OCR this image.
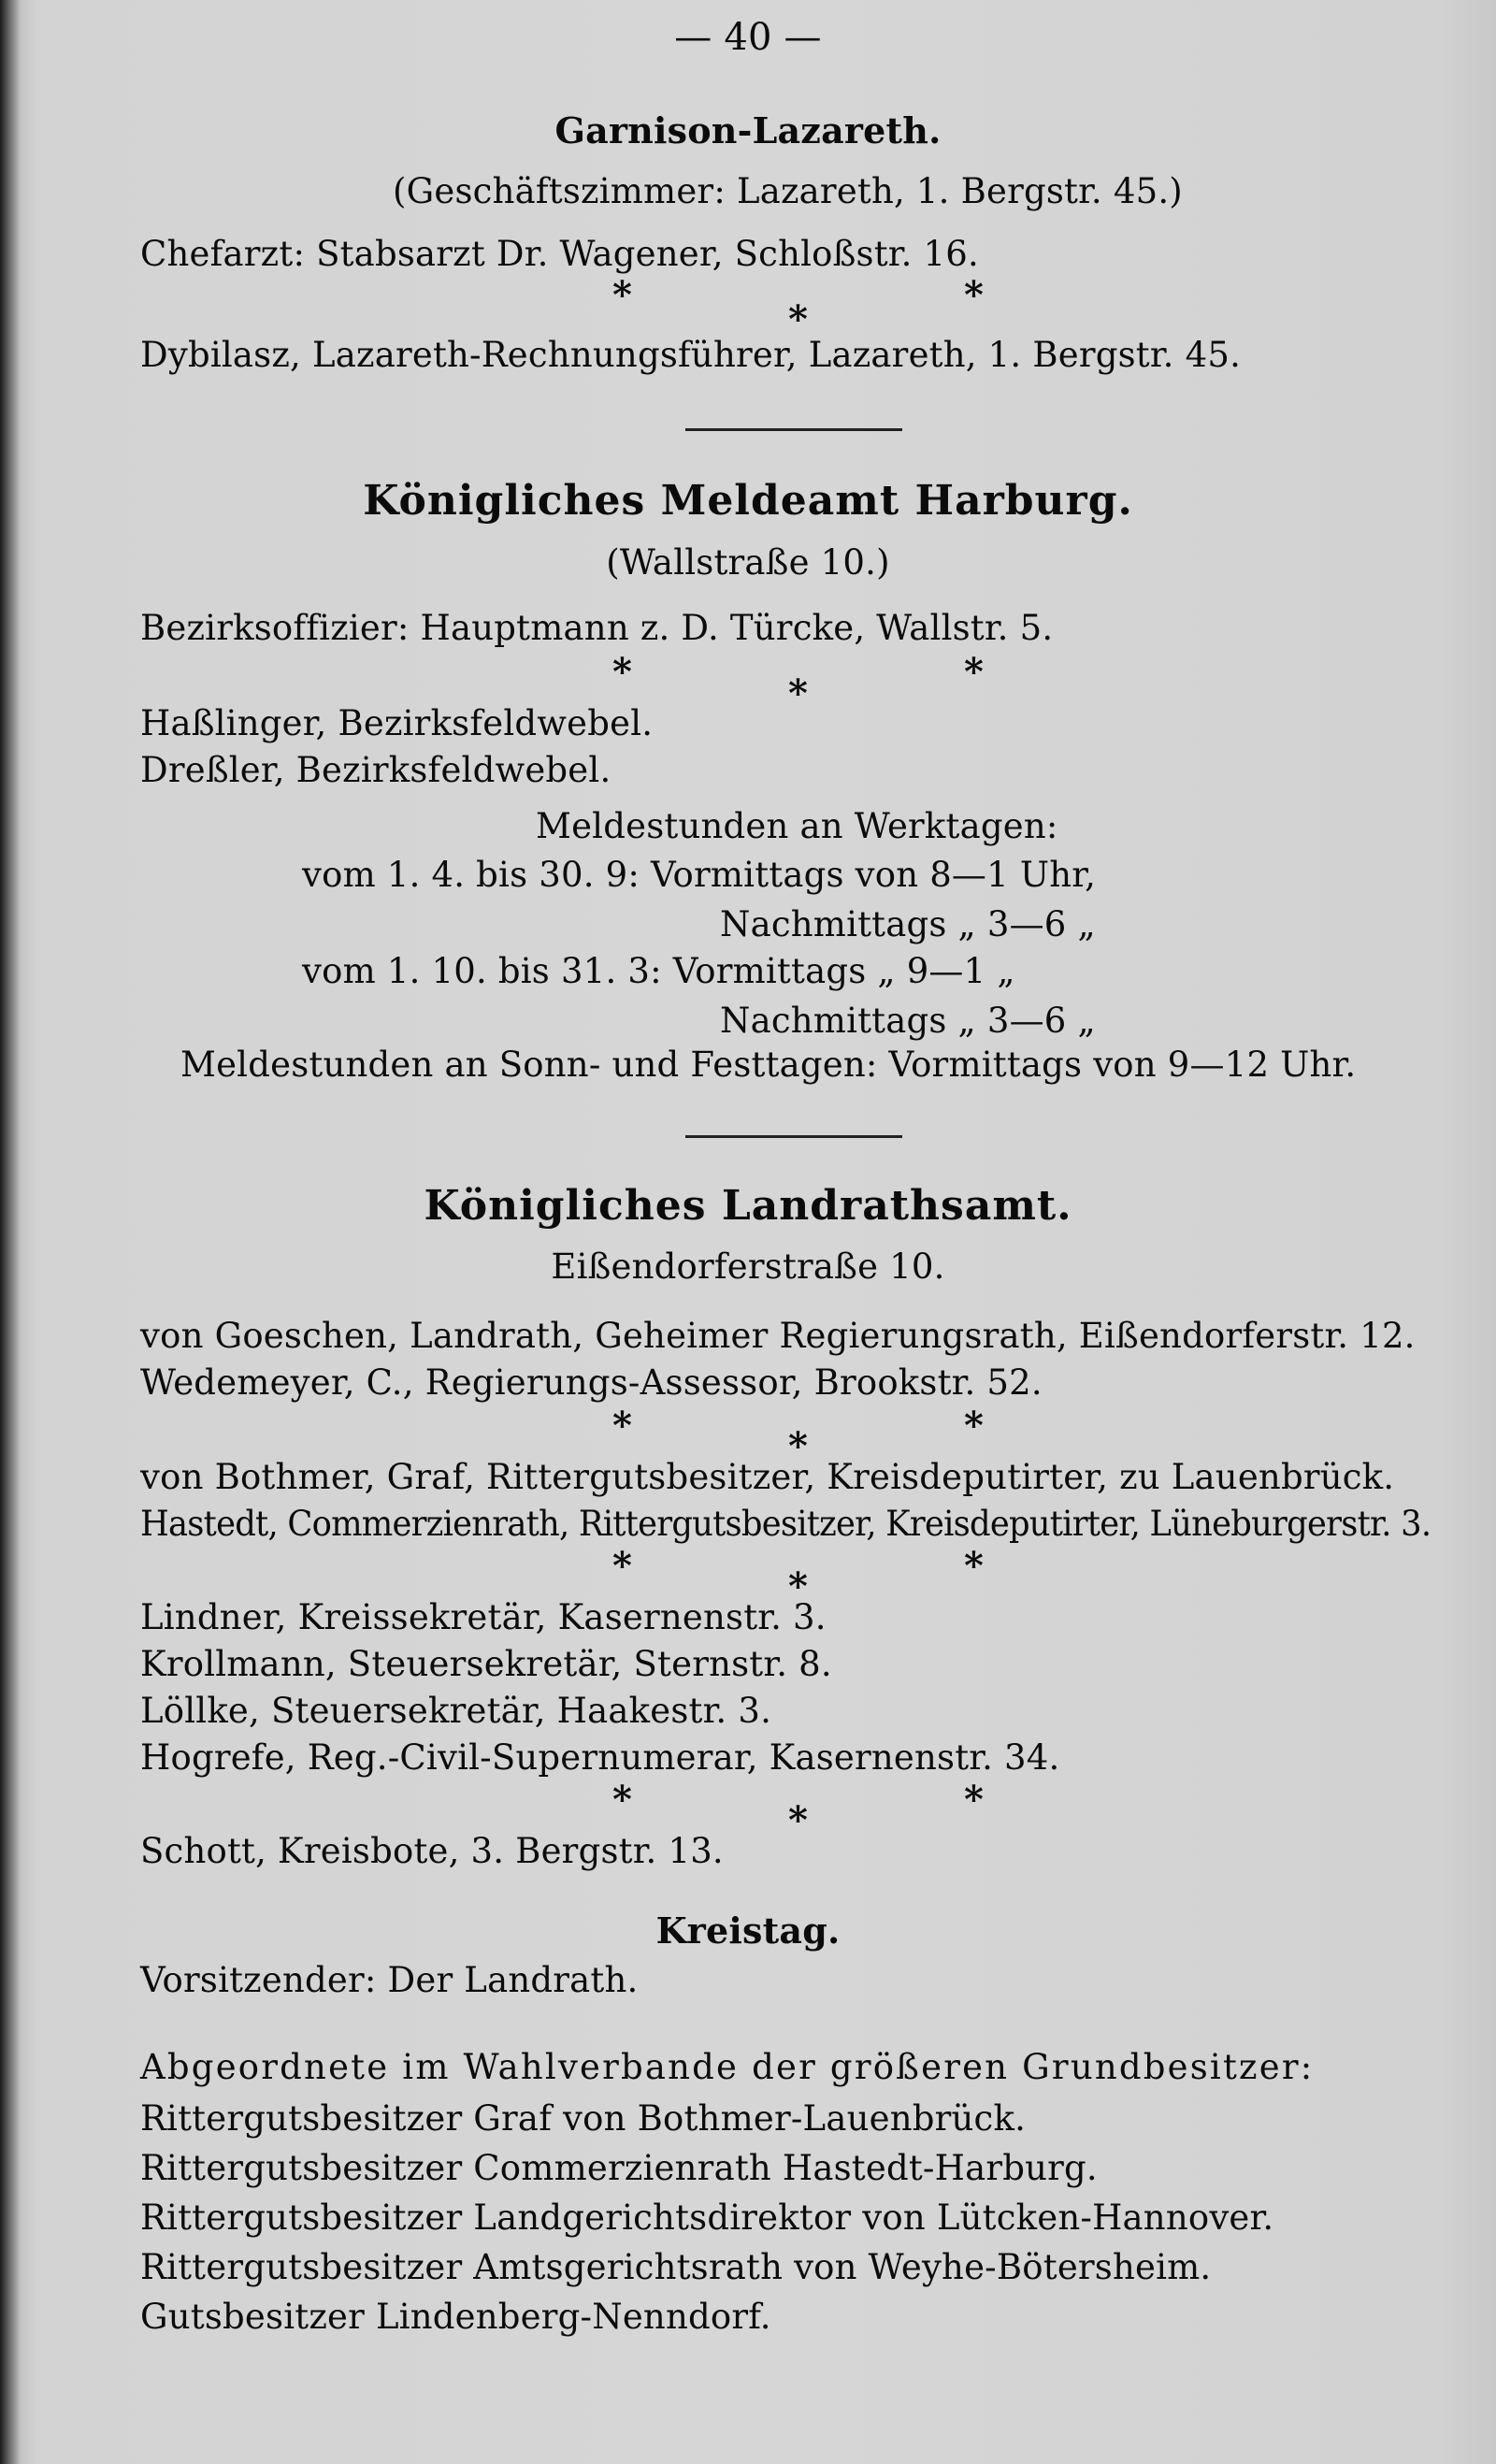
— 40 —
Garnison-Lazareth.
(Geschäftszimmer: Lazareth, 1. Bergstr. 45.)
Chefarzt: Stabsarzt Dr. Wagener, Schloßstr. 16.
*
*
*
Dybilasz, Lazareth-Rechnungsführer, Lazareth, 1. Bergstr. 45.
Königliches Meldeamt Harburg.
(Wallstraße 10.)
Bezirksoffizier: Hauptmann z. D. Türcke, Wallstr. 5.
*	*	*
Haßlinger, Bezirksfeldwebel.
Dreßler, Bezirksfeldwebel.
Meldestunden an Werktagen:
vom 1. 4. bis 30. 9: Vormittags von 8—1 Uhr,
Nachmittags „ 3—6 „
vom 1. 10. bis 31. 3: Vormittags „ 9—1 „
Nachmittags „ 3—6 „
Meldestunden an Sonn- und Festtagen: Vormittags von 9—12 Uhr.
Königliches Landrathsamt.
Eißendorferstraße 10.
von Goeschen, Landrath, Geheimer Regierungsrath, Eißendorferstr. 12.
Wedemeyer, C., Regierungs-Assessor, Brookstr. 52.
*	*	*
von Bothmer, Graf, Rittergutsbesitzer, Kreisdeputirter, zu Lauenbrück.
Hastedt, Commerzienrath, Rittergutsbesitzer, Kreisdeputirter, Lüneburgerstr. 3.
*	*	*
Lindner, Kreissekretär, Kasernenstr. 3.
Krollmann, Steuersekretär, Sternstr. 8.
Löllke, Steuersekretär, Haakestr. 3.
Hogrefe, Reg.-Civil-Supernumerar, Kasernenstr. 34.
*	*	*
Schott, Kreisbote, 3. Bergstr. 13.
Kreistag.
Vorsitzender: Der Landrath.
Abgeordnete im Wahlverbande der größeren Grundbesitzer:
Rittergutsbesitzer Graf von Bothmer-Lauenbrück.
Rittergutsbesitzer Commerzienrath Hastedt-Harburg.
Rittergutsbesitzer Landgerichtsdirektor von Lütcken-Hannover.
Rittergutsbesitzer Amtsgerichtsrath von Weyhe-Bötersheim.
Gutsbesitzer Lindenberg-Nenndorf.
